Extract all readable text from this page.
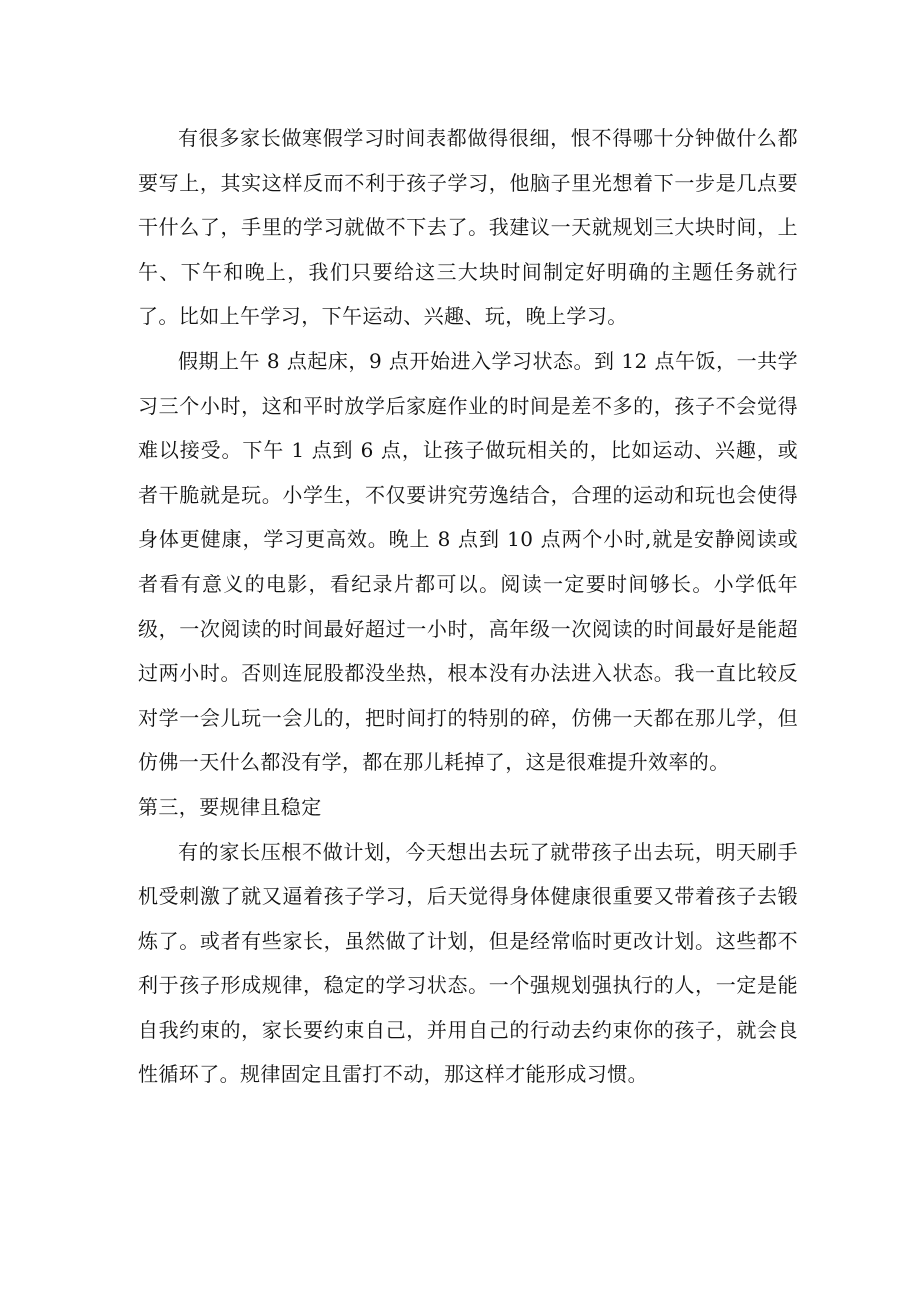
有很多家长做寒假学习时间表都做得很细，恨不得哪十分钟做什么都要写上，其实这样反而不利于孩子学习，他脑子里光想着下一步是几点要干什么了，手里的学习就做不下去了。我建议一天就规划三大块时间，上午、下午和晚上，我们只要给这三大块时间制定好明确的主题任务就行了。比如上午学习，下午运动、兴趣、玩，晚上学习。

假期上午 8 点起床，9 点开始进入学习状态。到 12 点午饭，一共学习三个小时，这和平时放学后家庭作业的时间是差不多的，孩子不会觉得难以接受。下午 1 点到 6 点，让孩子做玩相关的，比如运动、兴趣，或者干脆就是玩。小学生，不仅要讲究劳逸结合，合理的运动和玩也会使得身体更健康，学习更高效。晚上 8 点到 10 点两个小时,就是安静阅读或者看有意义的电影，看纪录片都可以。阅读一定要时间够长。小学低年级，一次阅读的时间最好超过一小时，高年级一次阅读的时间最好是能超过两小时。否则连屁股都没坐热，根本没有办法进入状态。我一直比较反对学一会儿玩一会儿的，把时间打的特别的碎，仿佛一天都在那儿学，但仿佛一天什么都没有学，都在那儿耗掉了，这是很难提升效率的。

第三，要规律且稳定

有的家长压根不做计划，今天想出去玩了就带孩子出去玩，明天刷手机受刺激了就又逼着孩子学习，后天觉得身体健康很重要又带着孩子去锻炼了。或者有些家长，虽然做了计划，但是经常临时更改计划。这些都不利于孩子形成规律，稳定的学习状态。一个强规划强执行的人，一定是能自我约束的，家长要约束自己，并用自己的行动去约束你的孩子，就会良性循环了。规律固定且雷打不动，那这样才能形成习惯。
